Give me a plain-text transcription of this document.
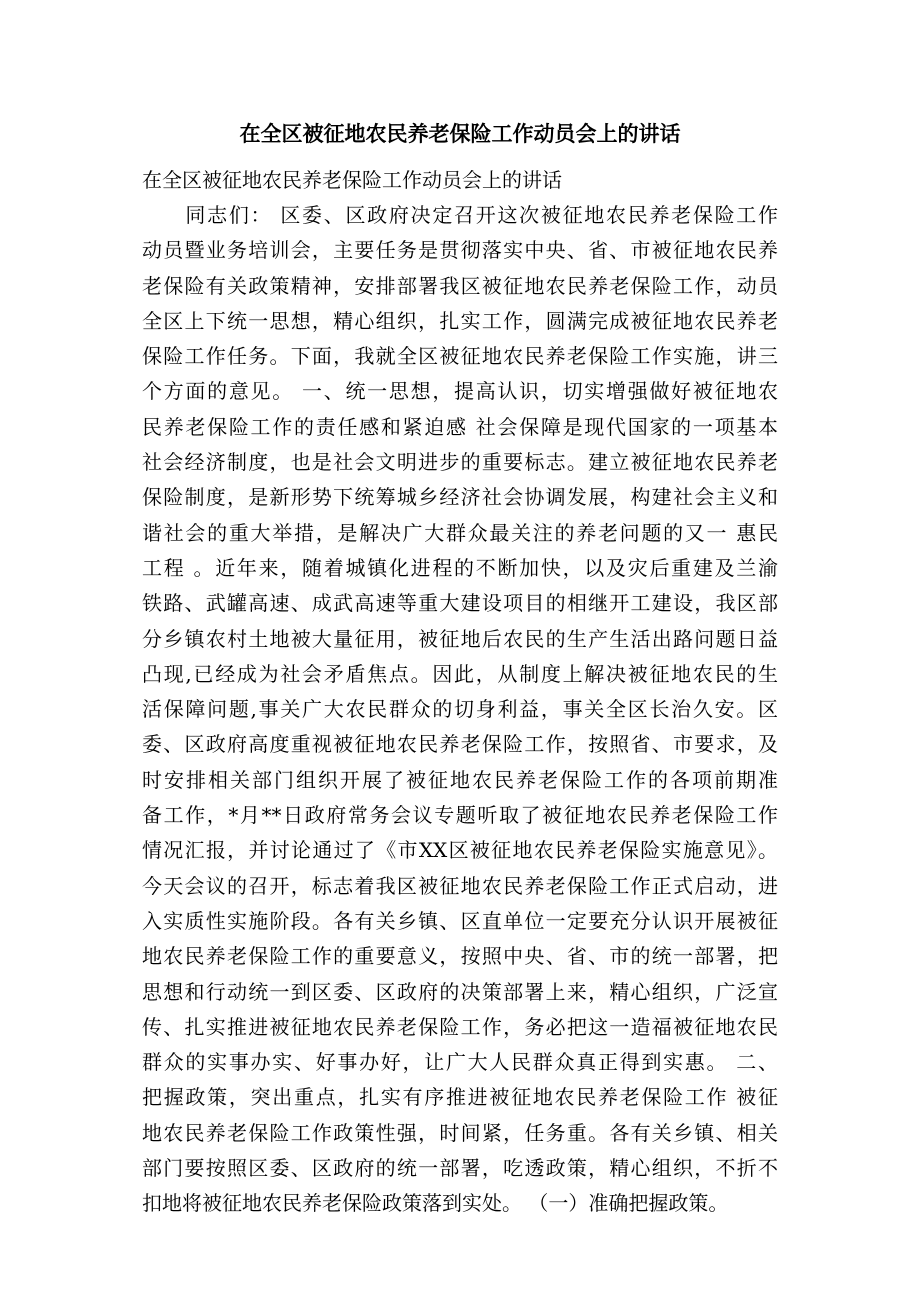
在全区被征地农民养老保险工作动员会上的讲话
在全区被征地农民养老保险工作动员会上的讲话
　　同志们： 区委、区政府决定召开这次被征地农民养老保险工作
动员暨业务培训会，主要任务是贯彻落实中央、省、市被征地农民养
老保险有关政策精神，安排部署我区被征地农民养老保险工作，动员
全区上下统一思想，精心组织，扎实工作，圆满完成被征地农民养老
保险工作任务。下面，我就全区被征地农民养老保险工作实施，讲三
个方面的意见。 一、统一思想，提高认识，切实增强做好被征地农
民养老保险工作的责任感和紧迫感 社会保障是现代国家的一项基本
社会经济制度，也是社会文明进步的重要标志。建立被征地农民养老
保险制度，是新形势下统筹城乡经济社会协调发展，构建社会主义和
谐社会的重大举措，是解决广大群众最关注的养老问题的又一 惠民
工程 。近年来，随着城镇化进程的不断加快，以及灾后重建及兰渝
铁路、武罐高速、成武高速等重大建设项目的相继开工建设，我区部
分乡镇农村土地被大量征用，被征地后农民的生产生活出路问题日益
凸现,已经成为社会矛盾焦点。因此，从制度上解决被征地农民的生
活保障问题,事关广大农民群众的切身利益，事关全区长治久安。区
委、区政府高度重视被征地农民养老保险工作，按照省、市要求，及
时安排相关部门组织开展了被征地农民养老保险工作的各项前期准
备工作，*月**日政府常务会议专题听取了被征地农民养老保险工作
情况汇报，并讨论通过了《市XX区被征地农民养老保险实施意见》。
今天会议的召开，标志着我区被征地农民养老保险工作正式启动，进
入实质性实施阶段。各有关乡镇、区直单位一定要充分认识开展被征
地农民养老保险工作的重要意义，按照中央、省、市的统一部署，把
思想和行动统一到区委、区政府的决策部署上来，精心组织，广泛宣
传、扎实推进被征地农民养老保险工作，务必把这一造福被征地农民
群众的实事办实、好事办好，让广大人民群众真正得到实惠。 二、
把握政策，突出重点，扎实有序推进被征地农民养老保险工作 被征
地农民养老保险工作政策性强，时间紧，任务重。各有关乡镇、相关
部门要按照区委、区政府的统一部署，吃透政策，精心组织，不折不
扣地将被征地农民养老保险政策落到实处。 （一）准确把握政策。
